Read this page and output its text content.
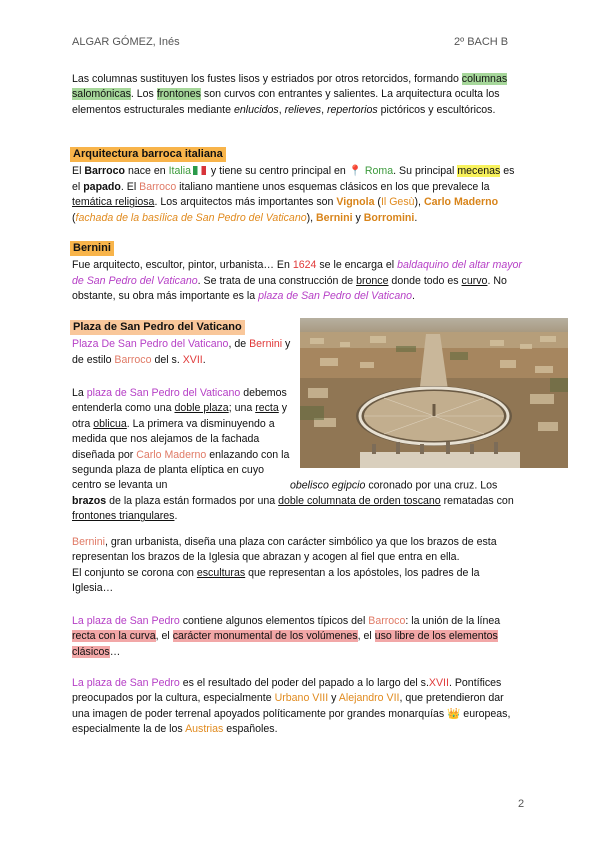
ALGAR GÓMEZ, Inés	2º BACH B

Las columnas sustituyen los fustes lisos y estriados por otros retorcidos, formando columnas salomónicas. Los frontones son curvos con entrantes y salientes. La arquitectura oculta los elementos estructurales mediante enlucidos, relieves, repertorios pictóricos y escultóricos.

Arquitectura barroca italiana

El Barroco nace en Italia y tiene su centro principal en 📍 Roma. Su principal mecenas es el papado. El Barroco italiano mantiene unos esquemas clásicos en los que prevalece la temática religiosa. Los arquitectos más importantes son Vignola (Il Gesù), Carlo Maderno (fachada de la basílica de San Pedro del Vaticano), Bernini y Borromini.

Bernini

Fue arquitecto, escultor, pintor, urbanista… En 1624 se le encarga el baldaquino del altar mayor de San Pedro del Vaticano. Se trata de una construcción de bronce donde todo es curvo. No obstante, su obra más importante es la plaza de San Pedro del Vaticano.

Plaza de San Pedro del Vaticano

Plaza De San Pedro del Vaticano, de Bernini y de estilo Barroco del s. XVII.

La plaza de San Pedro del Vaticano debemos entenderla como una doble plaza; una recta y otra oblicua. La primera va disminuyendo a medida que nos alejamos de la fachada diseñada por Carlo Maderno enlazando con la segunda plaza de planta elíptica en cuyo centro se levanta un	obelisco egipcio coronado por una cruz. Los brazos de la plaza están formados por una doble columnata de orden toscano rematadas con frontones triangulares.

Bernini, gran urbanista, diseña una plaza con carácter simbólico ya que los brazos de esta representan los brazos de la Iglesia que abrazan y acogen al fiel que entra en ella.

El conjunto se corona con esculturas que representan a los apóstoles, los padres de la Iglesia…

La plaza de San Pedro contiene algunos elementos típicos del Barroco: la unión de la línea recta con la curva, el carácter monumental de los volúmenes, el uso libre de los elementos clásicos…

La plaza de San Pedro es el resultado del poder del papado a lo largo del s.XVII. Pontífices preocupados por la cultura, especialmente Urbano VIII y Alejandro VII, que pretendieron dar una imagen de poder terrenal apoyados políticamente por grandes monarquías 👑 europeas, especialmente la de los Austrias españoles.

2
